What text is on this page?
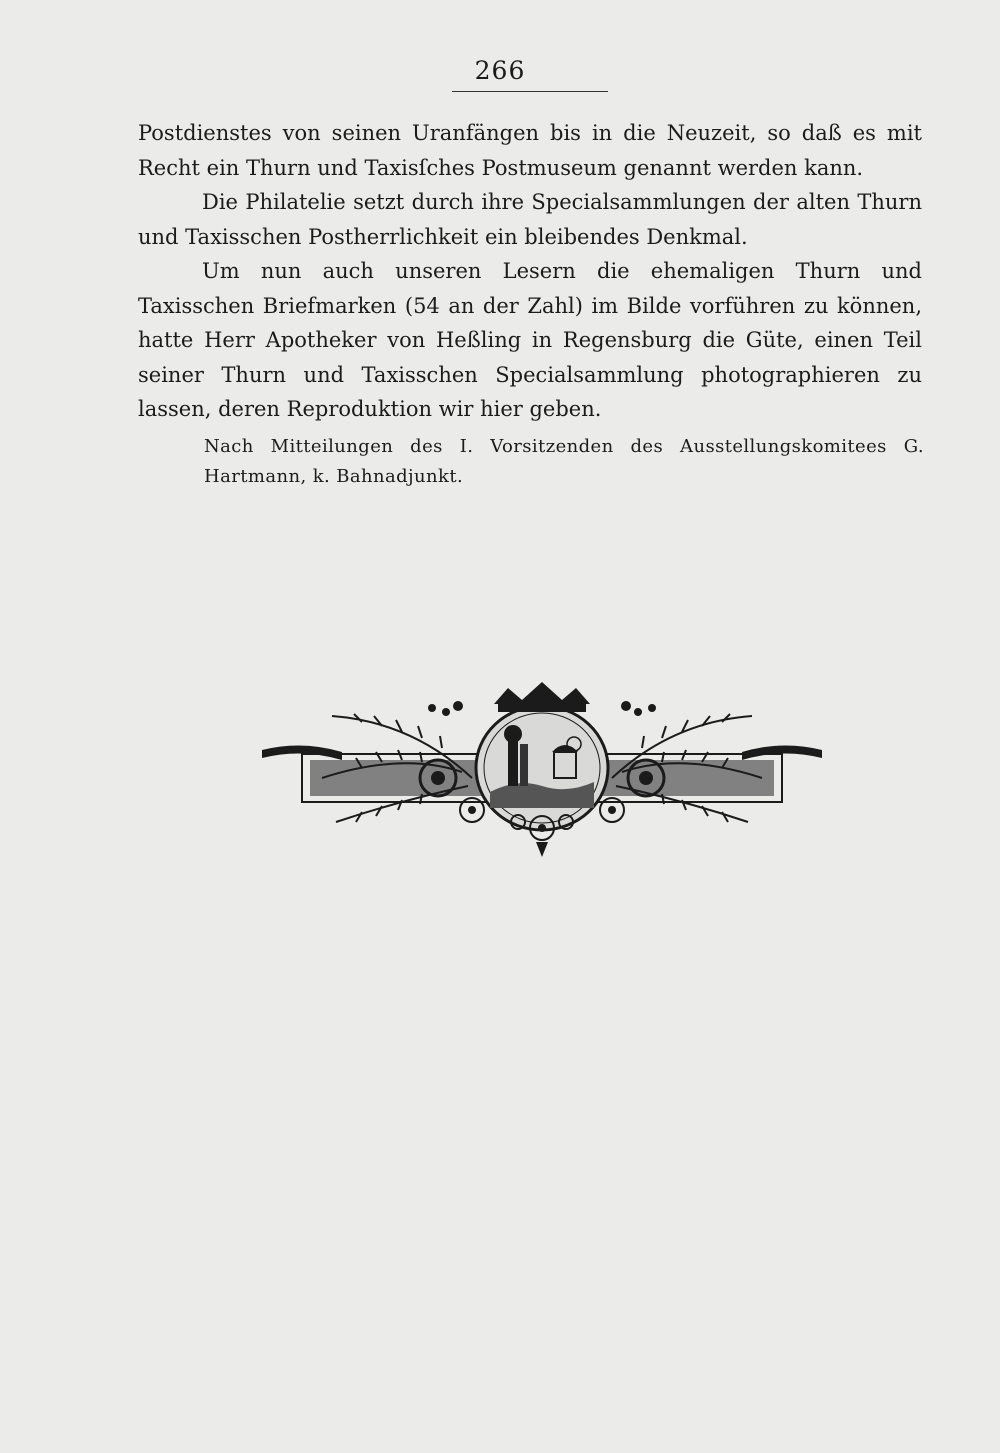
266

Postdienstes von seinen Uranfängen bis in die Neuzeit, so daß es mit Recht ein Thurn und Taxisſches Postmuseum genannt werden kann.

Die Philatelie setzt durch ihre Specialsammlungen der alten Thurn und Taxisschen Postherrlichkeit ein bleibendes Denkmal.

Um nun auch unseren Lesern die ehemaligen Thurn und Taxisschen Briefmarken (54 an der Zahl) im Bilde vorführen zu können, hatte Herr Apotheker von Heßling in Regensburg die Güte, einen Teil seiner Thurn und Taxisschen Specialsammlung photographieren zu lassen, deren Reproduktion wir hier geben.

Nach Mitteilungen des I. Vorsitzenden des Ausstellungskomitees G. Hartmann, k. Bahnadjunkt.
